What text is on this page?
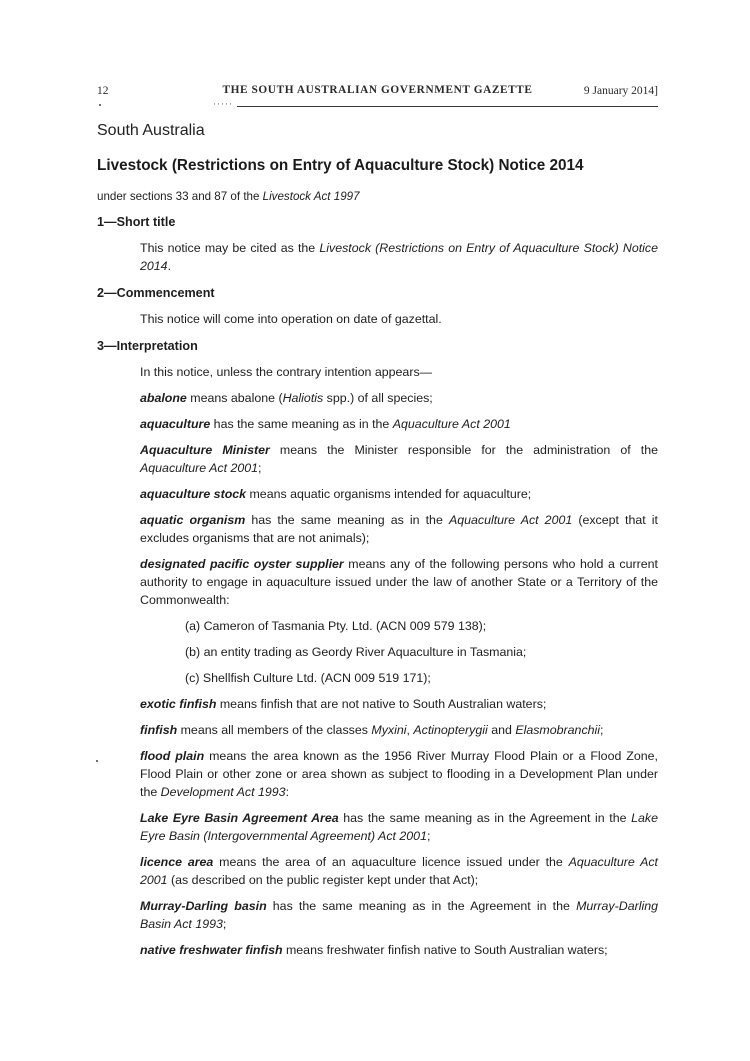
12	THE SOUTH AUSTRALIAN GOVERNMENT GAZETTE	9 January 2014]
·····
South Australia
Livestock (Restrictions on Entry of Aquaculture Stock) Notice 2014
under sections 33 and 87 of the Livestock Act 1997
1—Short title
This notice may be cited as the Livestock (Restrictions on Entry of Aquaculture Stock) Notice 2014.
2—Commencement
This notice will come into operation on date of gazettal.
3—Interpretation
In this notice, unless the contrary intention appears—
abalone means abalone (Haliotis spp.) of all species;
aquaculture has the same meaning as in the Aquaculture Act 2001
Aquaculture Minister means the Minister responsible for the administration of the Aquaculture Act 2001;
aquaculture stock means aquatic organisms intended for aquaculture;
aquatic organism has the same meaning as in the Aquaculture Act 2001 (except that it excludes organisms that are not animals);
designated pacific oyster supplier means any of the following persons who hold a current authority to engage in aquaculture issued under the law of another State or a Territory of the Commonwealth:
(a) Cameron of Tasmania Pty. Ltd. (ACN 009 579 138);
(b) an entity trading as Geordy River Aquaculture in Tasmania;
(c) Shellfish Culture Ltd. (ACN 009 519 171);
exotic finfish means finfish that are not native to South Australian waters;
finfish means all members of the classes Myxini, Actinopterygii and Elasmobranchii;
flood plain means the area known as the 1956 River Murray Flood Plain or a Flood Zone, Flood Plain or other zone or area shown as subject to flooding in a Development Plan under the Development Act 1993:
Lake Eyre Basin Agreement Area has the same meaning as in the Agreement in the Lake Eyre Basin (Intergovernmental Agreement) Act 2001;
licence area means the area of an aquaculture licence issued under the Aquaculture Act 2001 (as described on the public register kept under that Act);
Murray-Darling basin has the same meaning as in the Agreement in the Murray-Darling Basin Act 1993;
native freshwater finfish means freshwater finfish native to South Australian waters;
